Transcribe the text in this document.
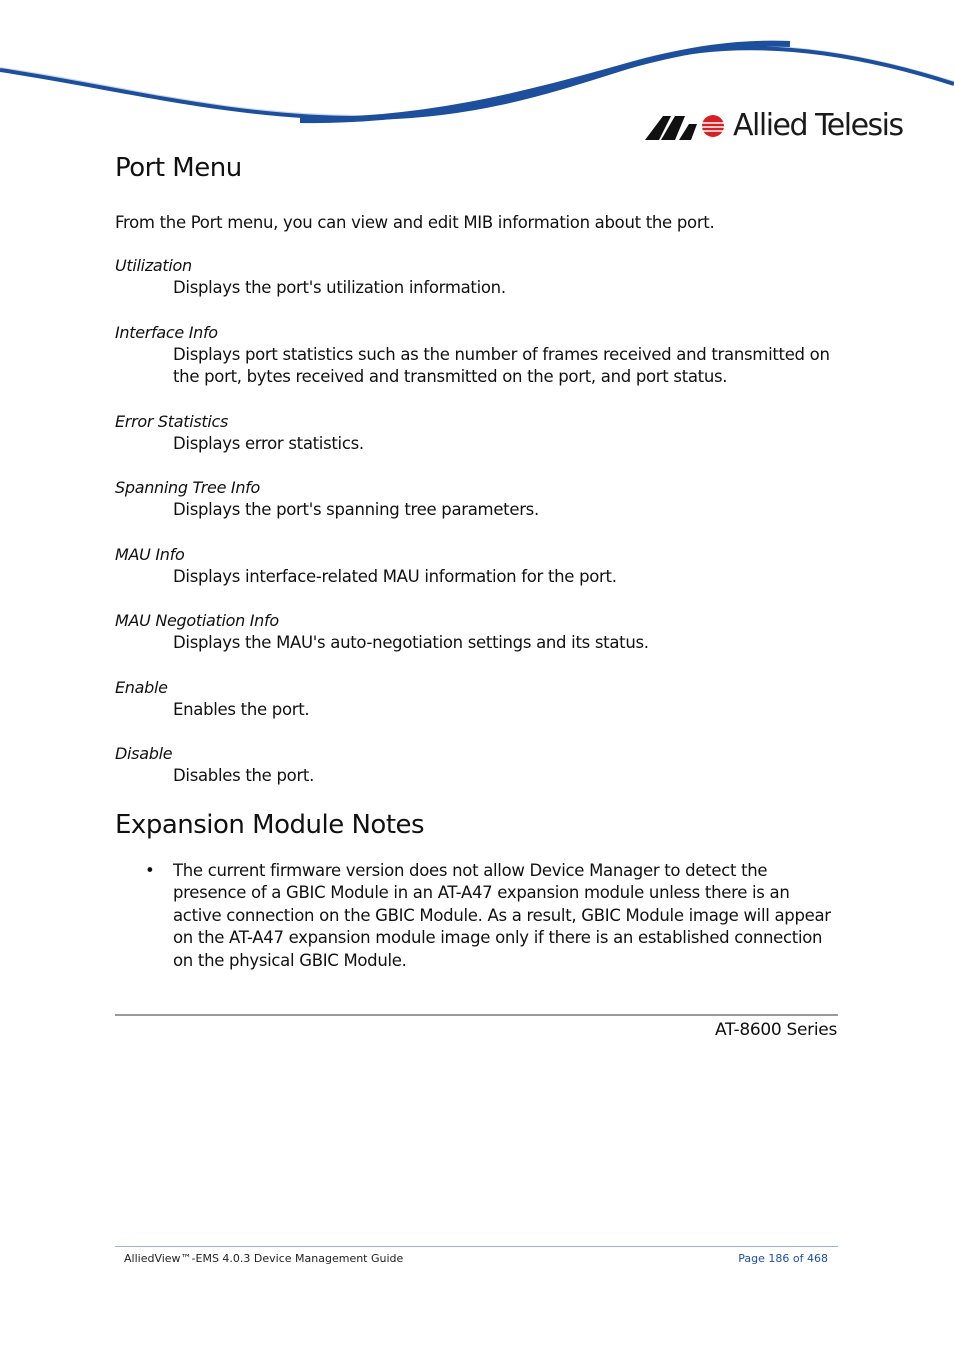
Allied Telesis
Port Menu

From the Port menu, you can view and edit MIB information about the port.

Utilization
Displays the port's utilization information.
Interface Info
Displays port statistics such as the number of frames received and transmitted on the port, bytes received and transmitted on the port, and port status.
Error Statistics
Displays error statistics.
Spanning Tree Info
Displays the port's spanning tree parameters.
MAU Info
Displays interface-related MAU information for the port.
MAU Negotiation Info
Displays the MAU's auto-negotiation settings and its status.
Enable
Enables the port.
Disable
Disables the port.
Expansion Module Notes
• The current firmware version does not allow Device Manager to detect the presence of a GBIC Module in an AT-A47 expansion module unless there is an active connection on the GBIC Module. As a result, GBIC Module image will appear on the AT-A47 expansion module image only if there is an established connection on the physical GBIC Module.
AT-8600 Series
AlliedView™-EMS 4.0.3 Device Management Guide	Page 186 of 468
